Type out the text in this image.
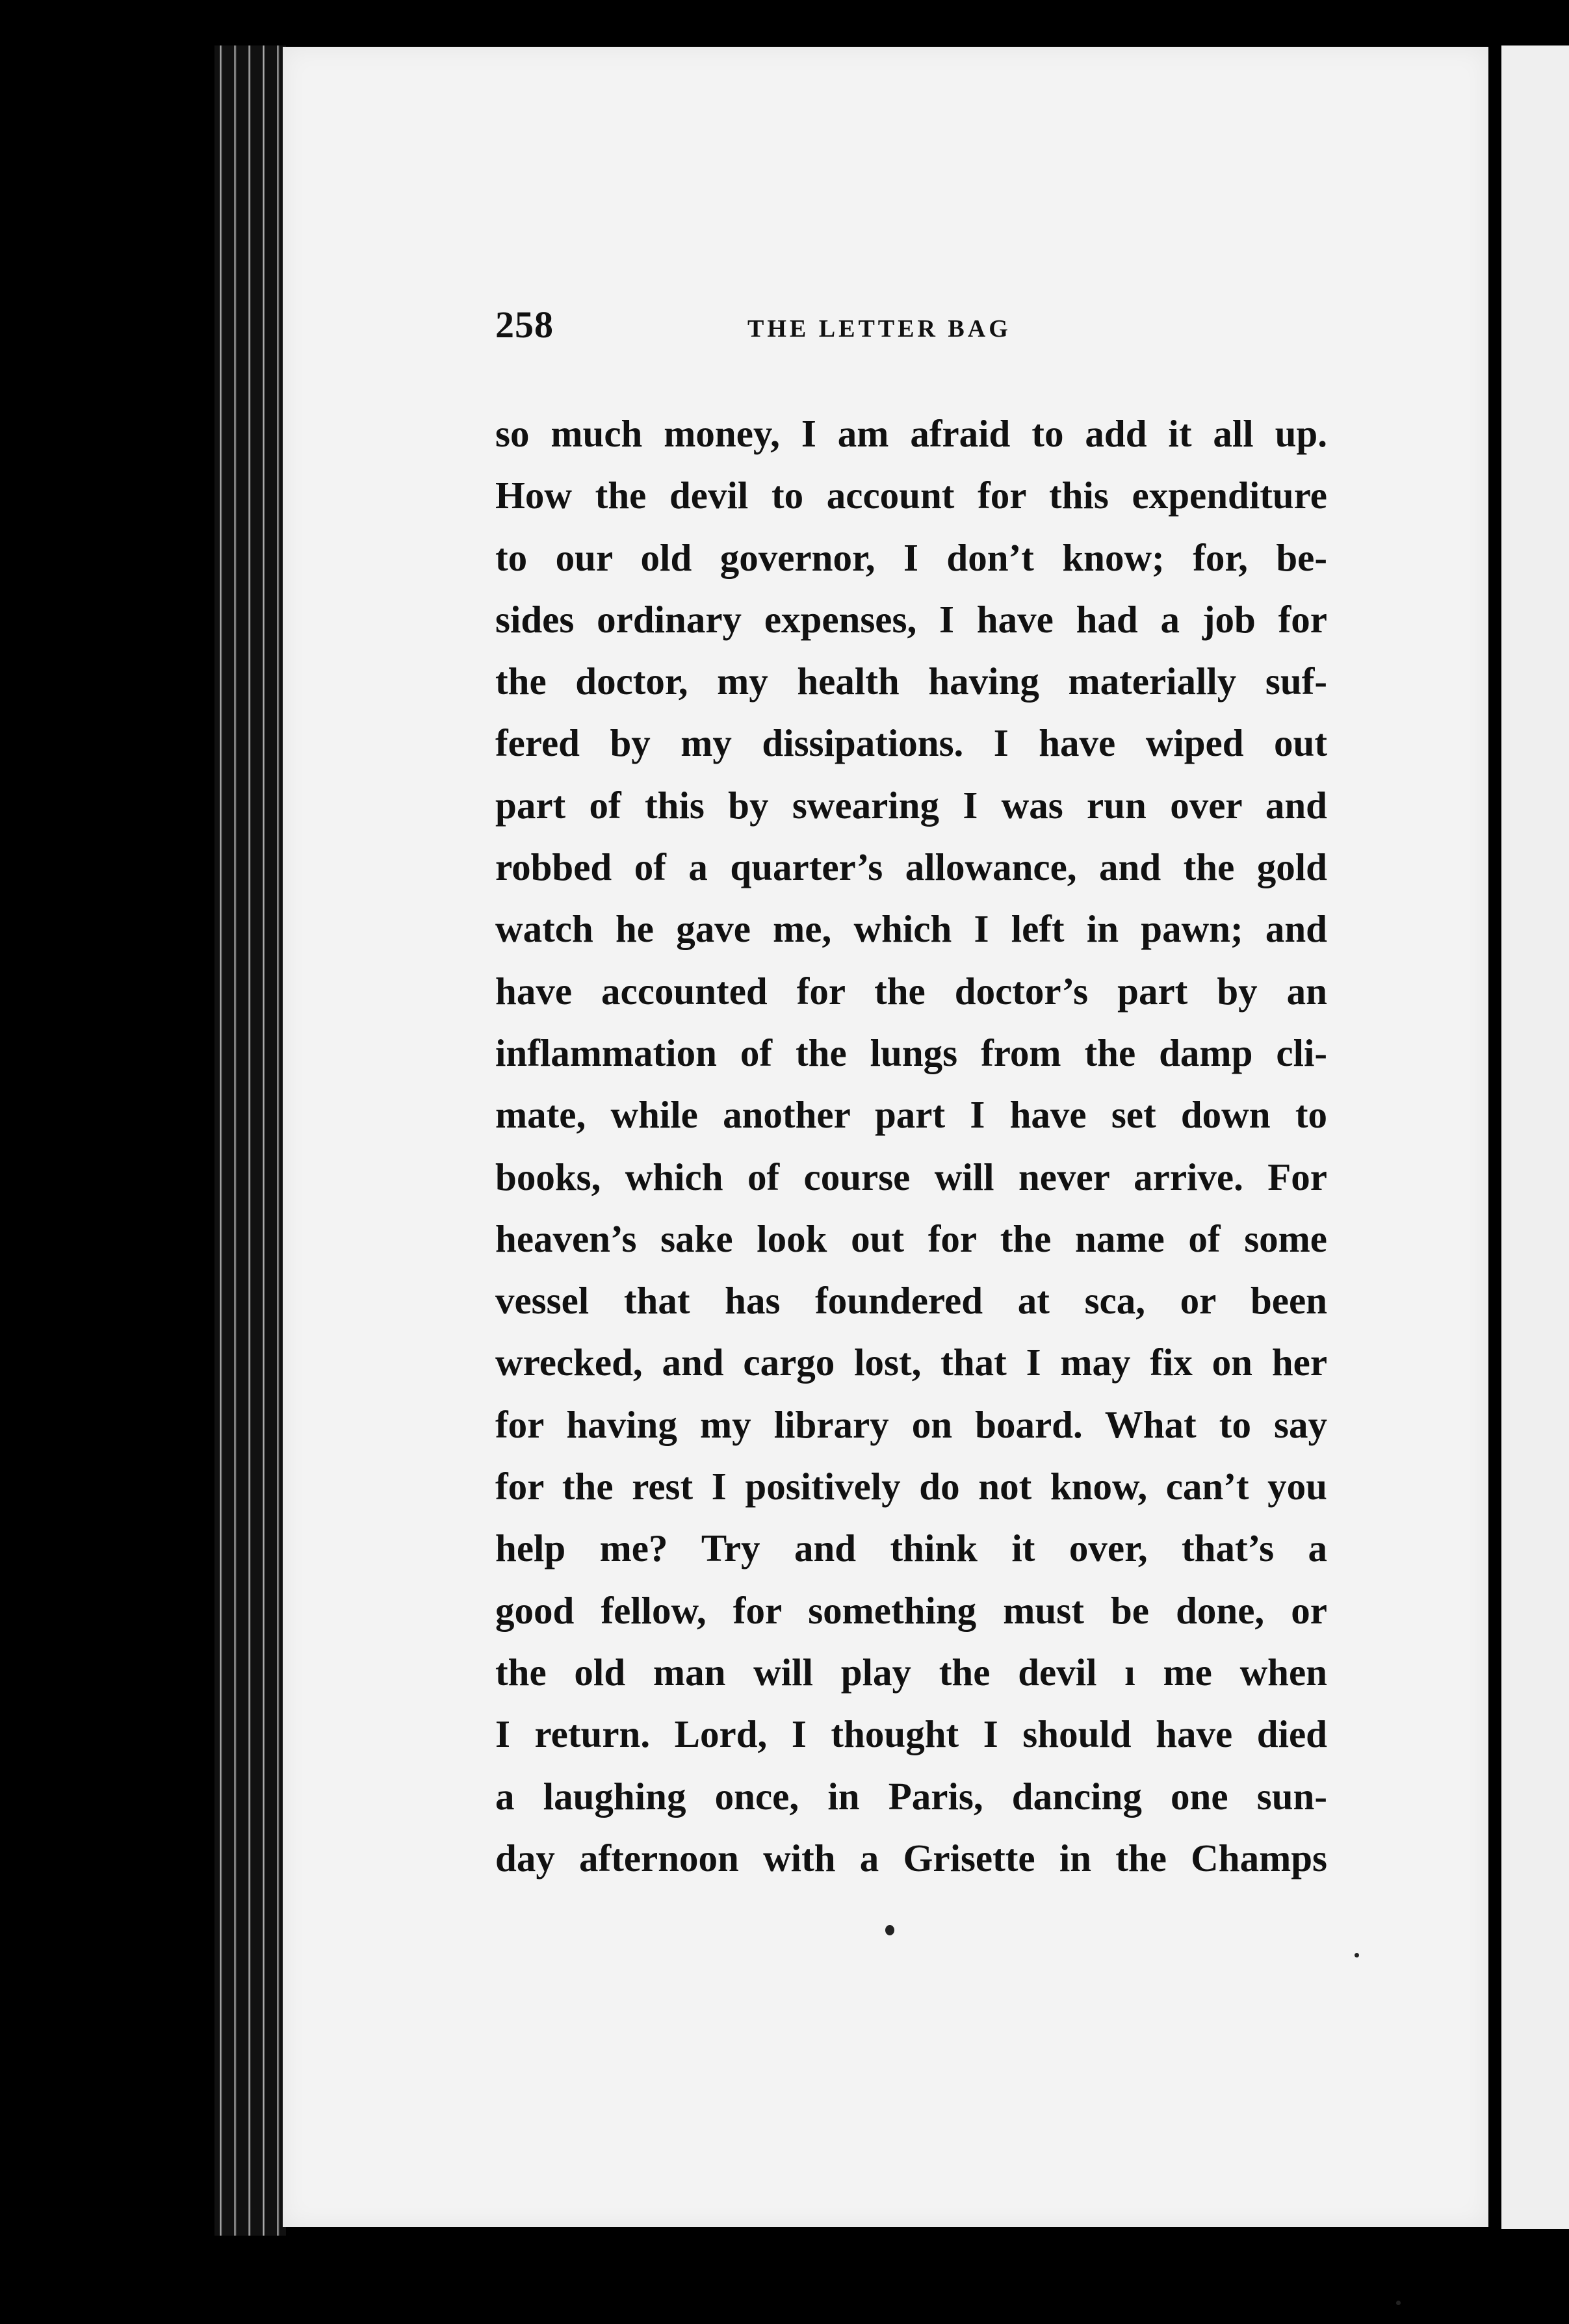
258	THE LETTER BAG
so much money, I am afraid to add it all up.
How the devil to account for this expenditure
to our old governor, I don’t know; for, be-
sides ordinary expenses, I have had a job for
the doctor, my health having materially suf-
fered by my dissipations. I have wiped out
part of this by swearing I was run over and
robbed of a quarter’s allowance, and the gold
watch he gave me, which I left in pawn; and
have accounted for the doctor’s part by an
inflammation of the lungs from the damp cli-
mate, while another part I have set down to
books, which of course will never arrive. For
heaven’s sake look out for the name of some
vessel that has foundered at sca, or been
wrecked, and cargo lost, that I may fix on her
for having my library on board. What to say
for the rest I positively do not know, can’t you
help me? Try and think it over, that’s a
good fellow, for something must be done, or
the old man will play the devil ı me when
I return. Lord, I thought I should have died
a laughing once, in Paris, dancing one sun-
day afternoon with a Grisette in the Champs
